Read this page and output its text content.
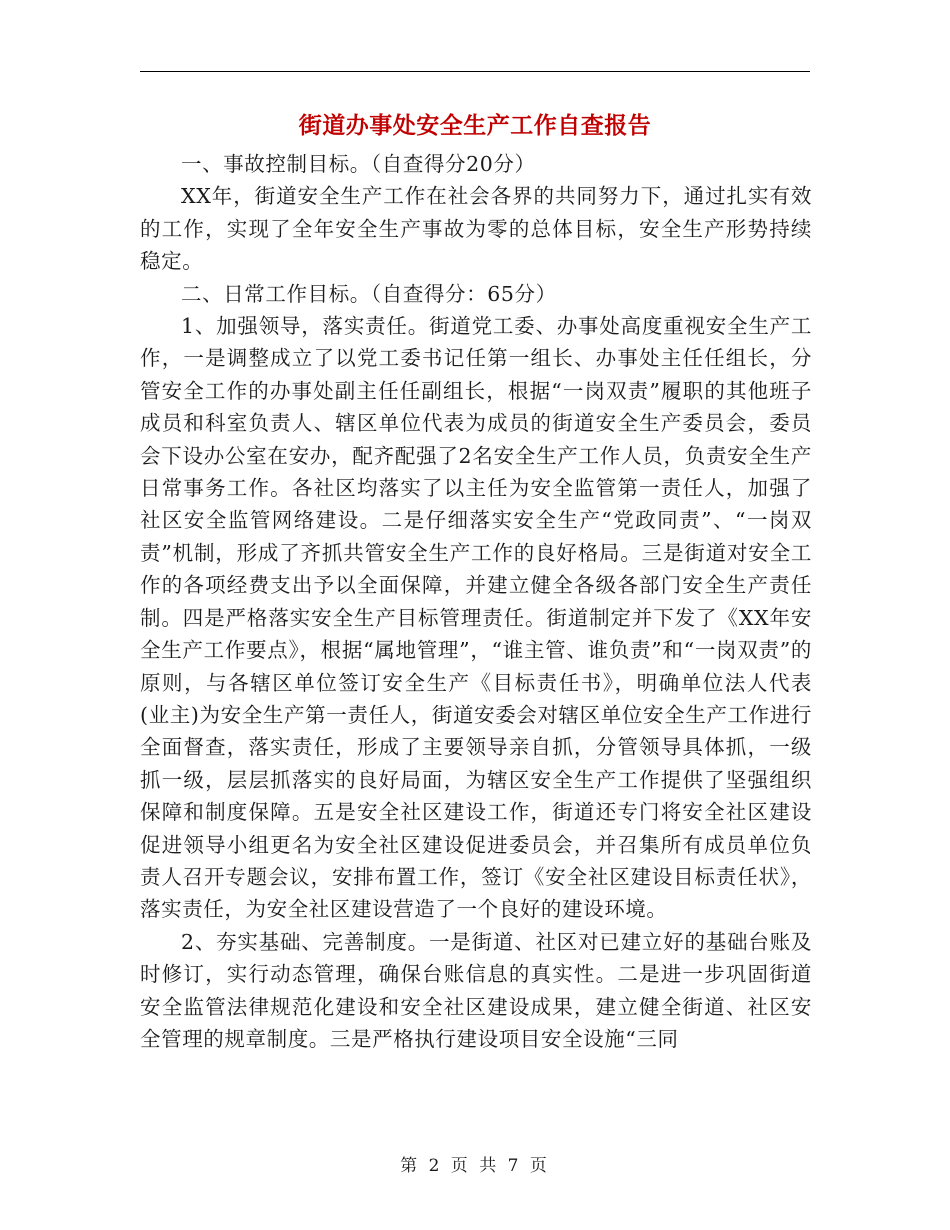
街道办事处安全生产工作自查报告

一、事故控制目标。（自查得分20分）

XX年，街道安全生产工作在社会各界的共同努力下，通过扎实有效的工作，实现了全年安全生产事故为零的总体目标，安全生产形势持续稳定。

二、日常工作目标。（自查得分：65分）

1、加强领导，落实责任。街道党工委、办事处高度重视安全生产工作，一是调整成立了以党工委书记任第一组长、办事处主任任组长，分管安全工作的办事处副主任任副组长，根据“一岗双责”履职的其他班子成员和科室负责人、辖区单位代表为成员的街道安全生产委员会，委员会下设办公室在安办，配齐配强了2名安全生产工作人员，负责安全生产日常事务工作。各社区均落实了以主任为安全监管第一责任人，加强了社区安全监管网络建设。二是仔细落实安全生产“党政同责”、“一岗双责”机制，形成了齐抓共管安全生产工作的良好格局。三是街道对安全工作的各项经费支出予以全面保障，并建立健全各级各部门安全生产责任制。四是严格落实安全生产目标管理责任。街道制定并下发了《XX年安全生产工作要点》，根据“属地管理”，“谁主管、谁负责”和“一岗双责”的原则，与各辖区单位签订安全生产《目标责任书》，明确单位法人代表(业主)为安全生产第一责任人，街道安委会对辖区单位安全生产工作进行全面督查，落实责任，形成了主要领导亲自抓，分管领导具体抓，一级抓一级，层层抓落实的良好局面，为辖区安全生产工作提供了坚强组织保障和制度保障。五是安全社区建设工作，街道还专门将安全社区建设促进领导小组更名为安全社区建设促进委员会，并召集所有成员单位负责人召开专题会议，安排布置工作，签订《安全社区建设目标责任状》，落实责任，为安全社区建设营造了一个良好的建设环境。

2、夯实基础、完善制度。一是街道、社区对已建立好的基础台账及时修订，实行动态管理，确保台账信息的真实性。二是进一步巩固街道安全监管法律规范化建设和安全社区建设成果，建立健全街道、社区安全管理的规章制度。三是严格执行建设项目安全设施“三同

第 2 页 共 7 页
